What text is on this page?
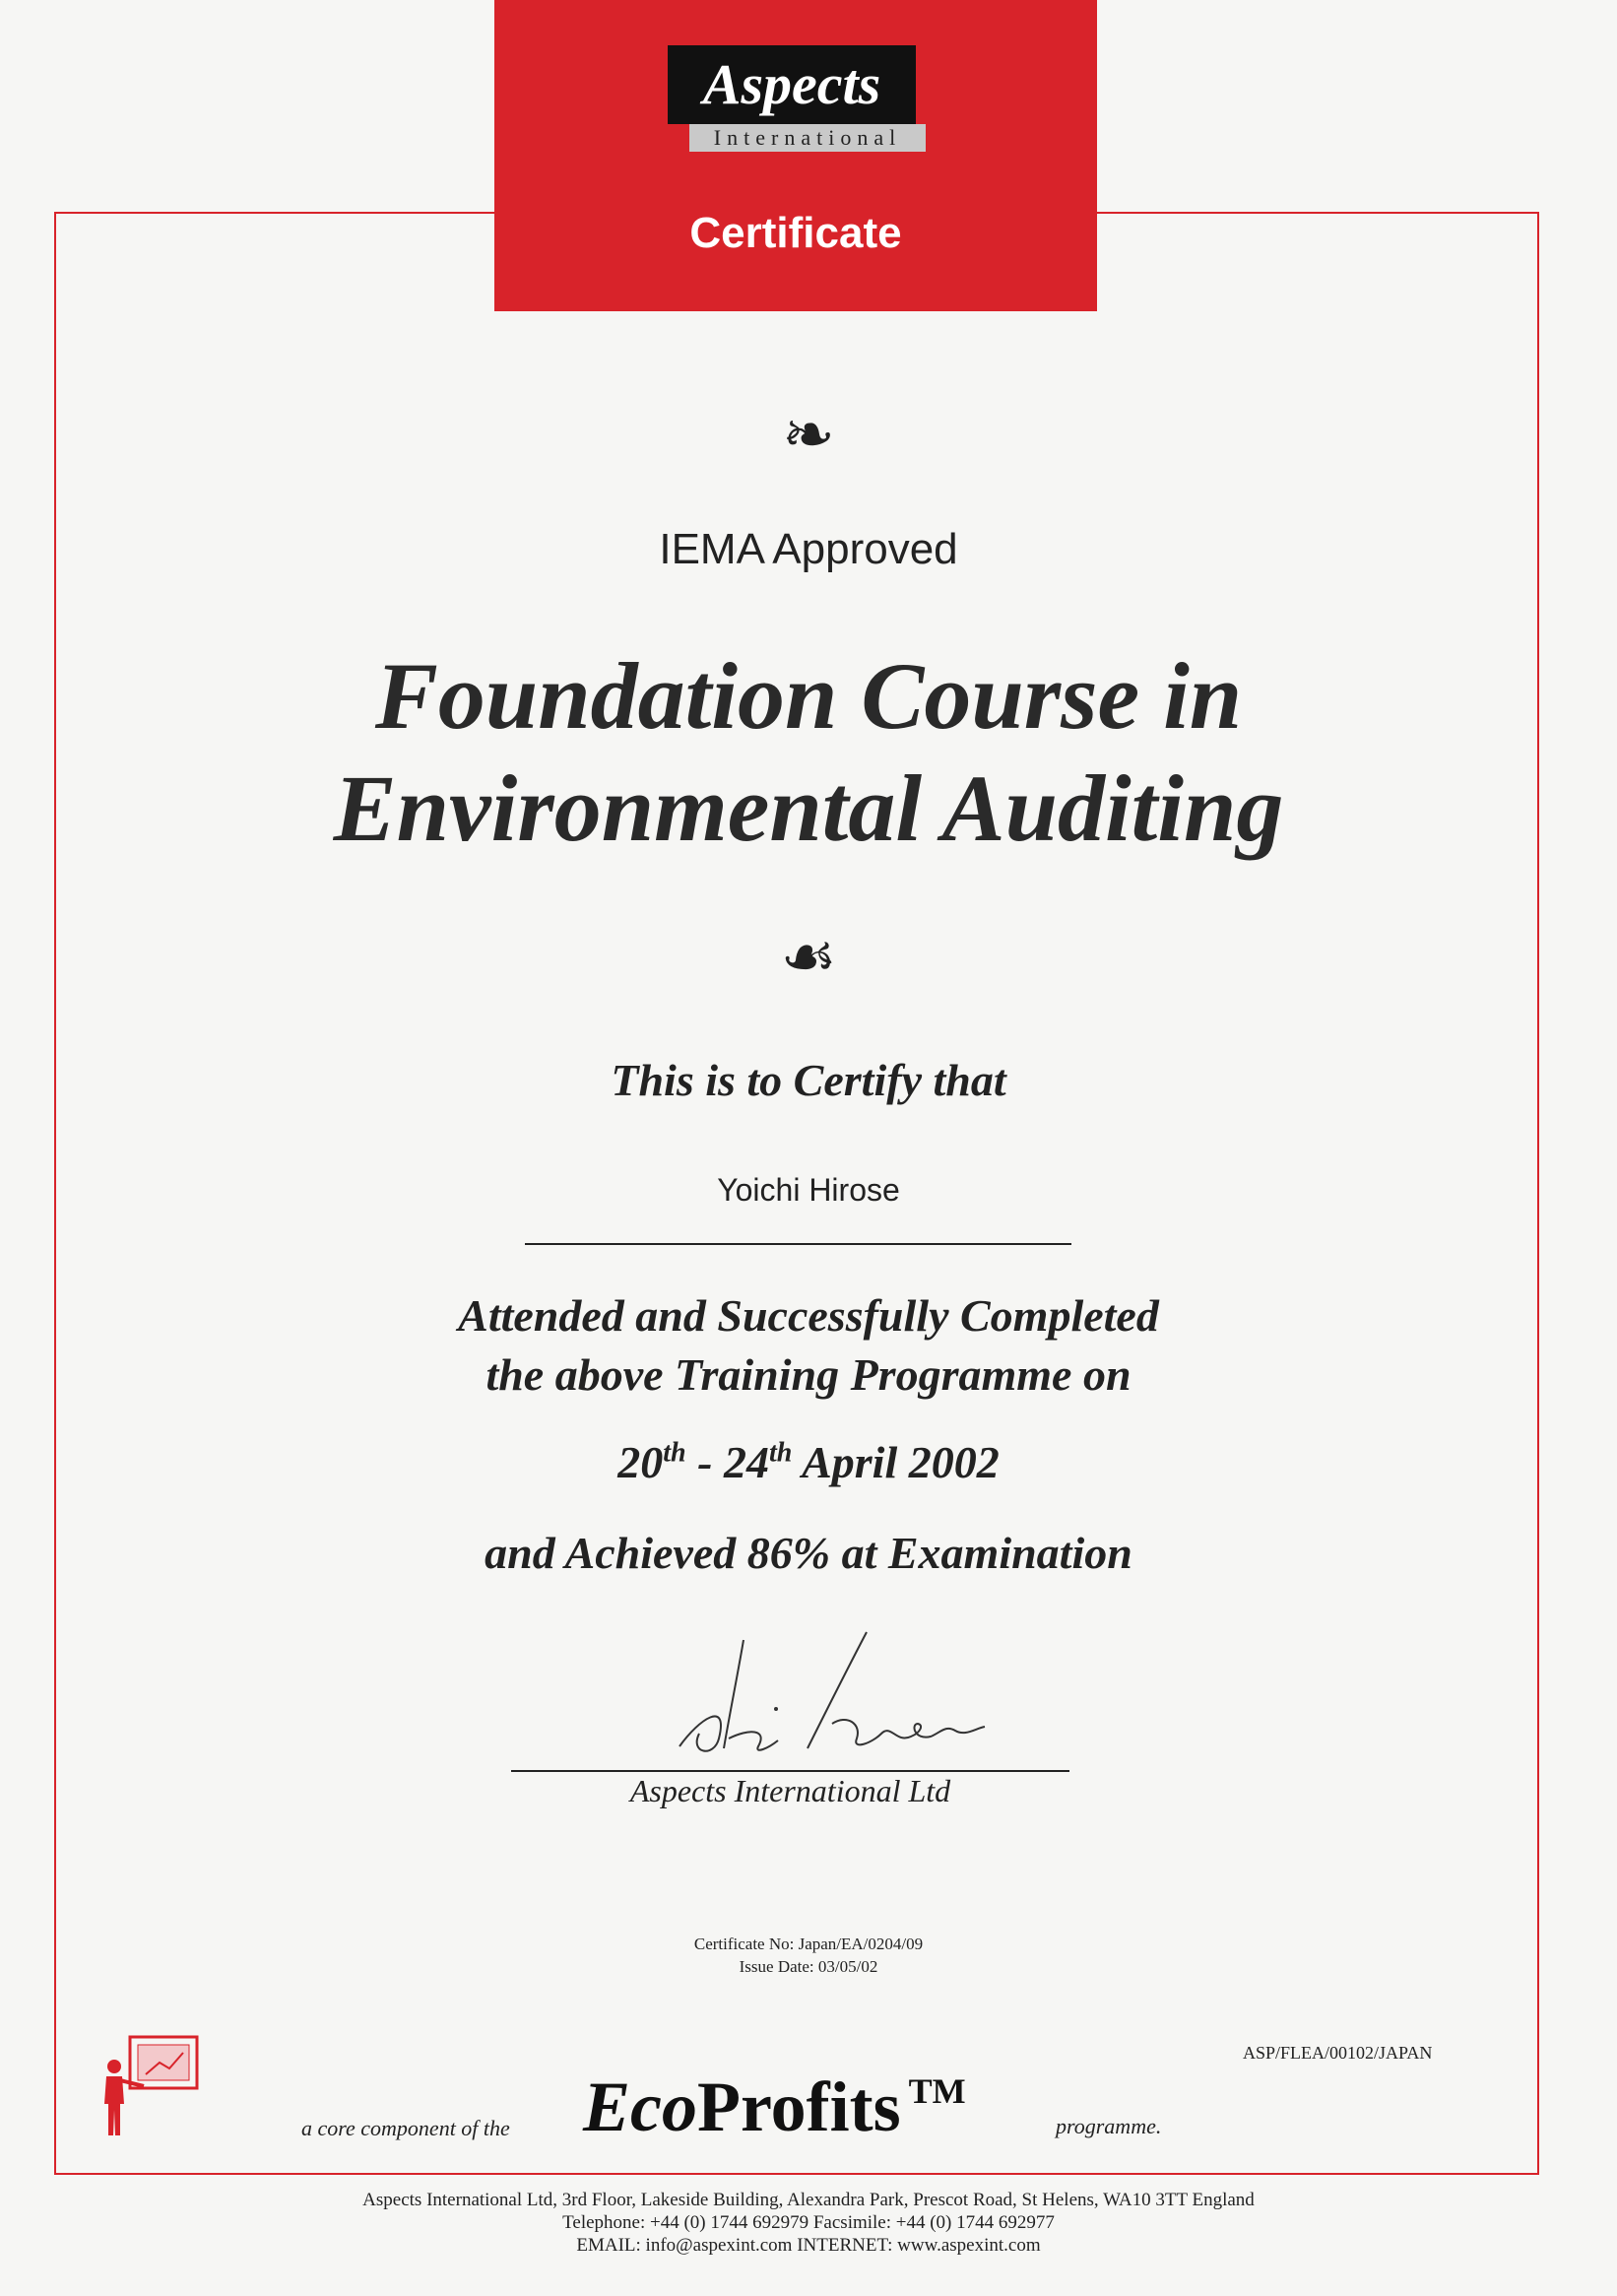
Aspects
International
Certificate
❧
IEMA Approved
Foundation Course in
Environmental Auditing
☙
This is to Certify that
Yoichi Hirose
Attended and Successfully Completed
the above Training Programme on
20th - 24th April 2002
and Achieved 86% at Examination
Aspects International Ltd
Certificate No: Japan/EA/0204/09
Issue Date: 03/05/02
ASP/FLEA/00102/JAPAN
a core component of the EcoProfits ™
programme.
Aspects International Ltd, 3rd Floor, Lakeside Building, Alexandra Park, Prescot Road, St Helens, WA10 3TT England
Telephone: +44 (0) 1744 692979 Facsimile: +44 (0) 1744 692977
EMAIL: info@aspexint.com INTERNET: www.aspexint.com
